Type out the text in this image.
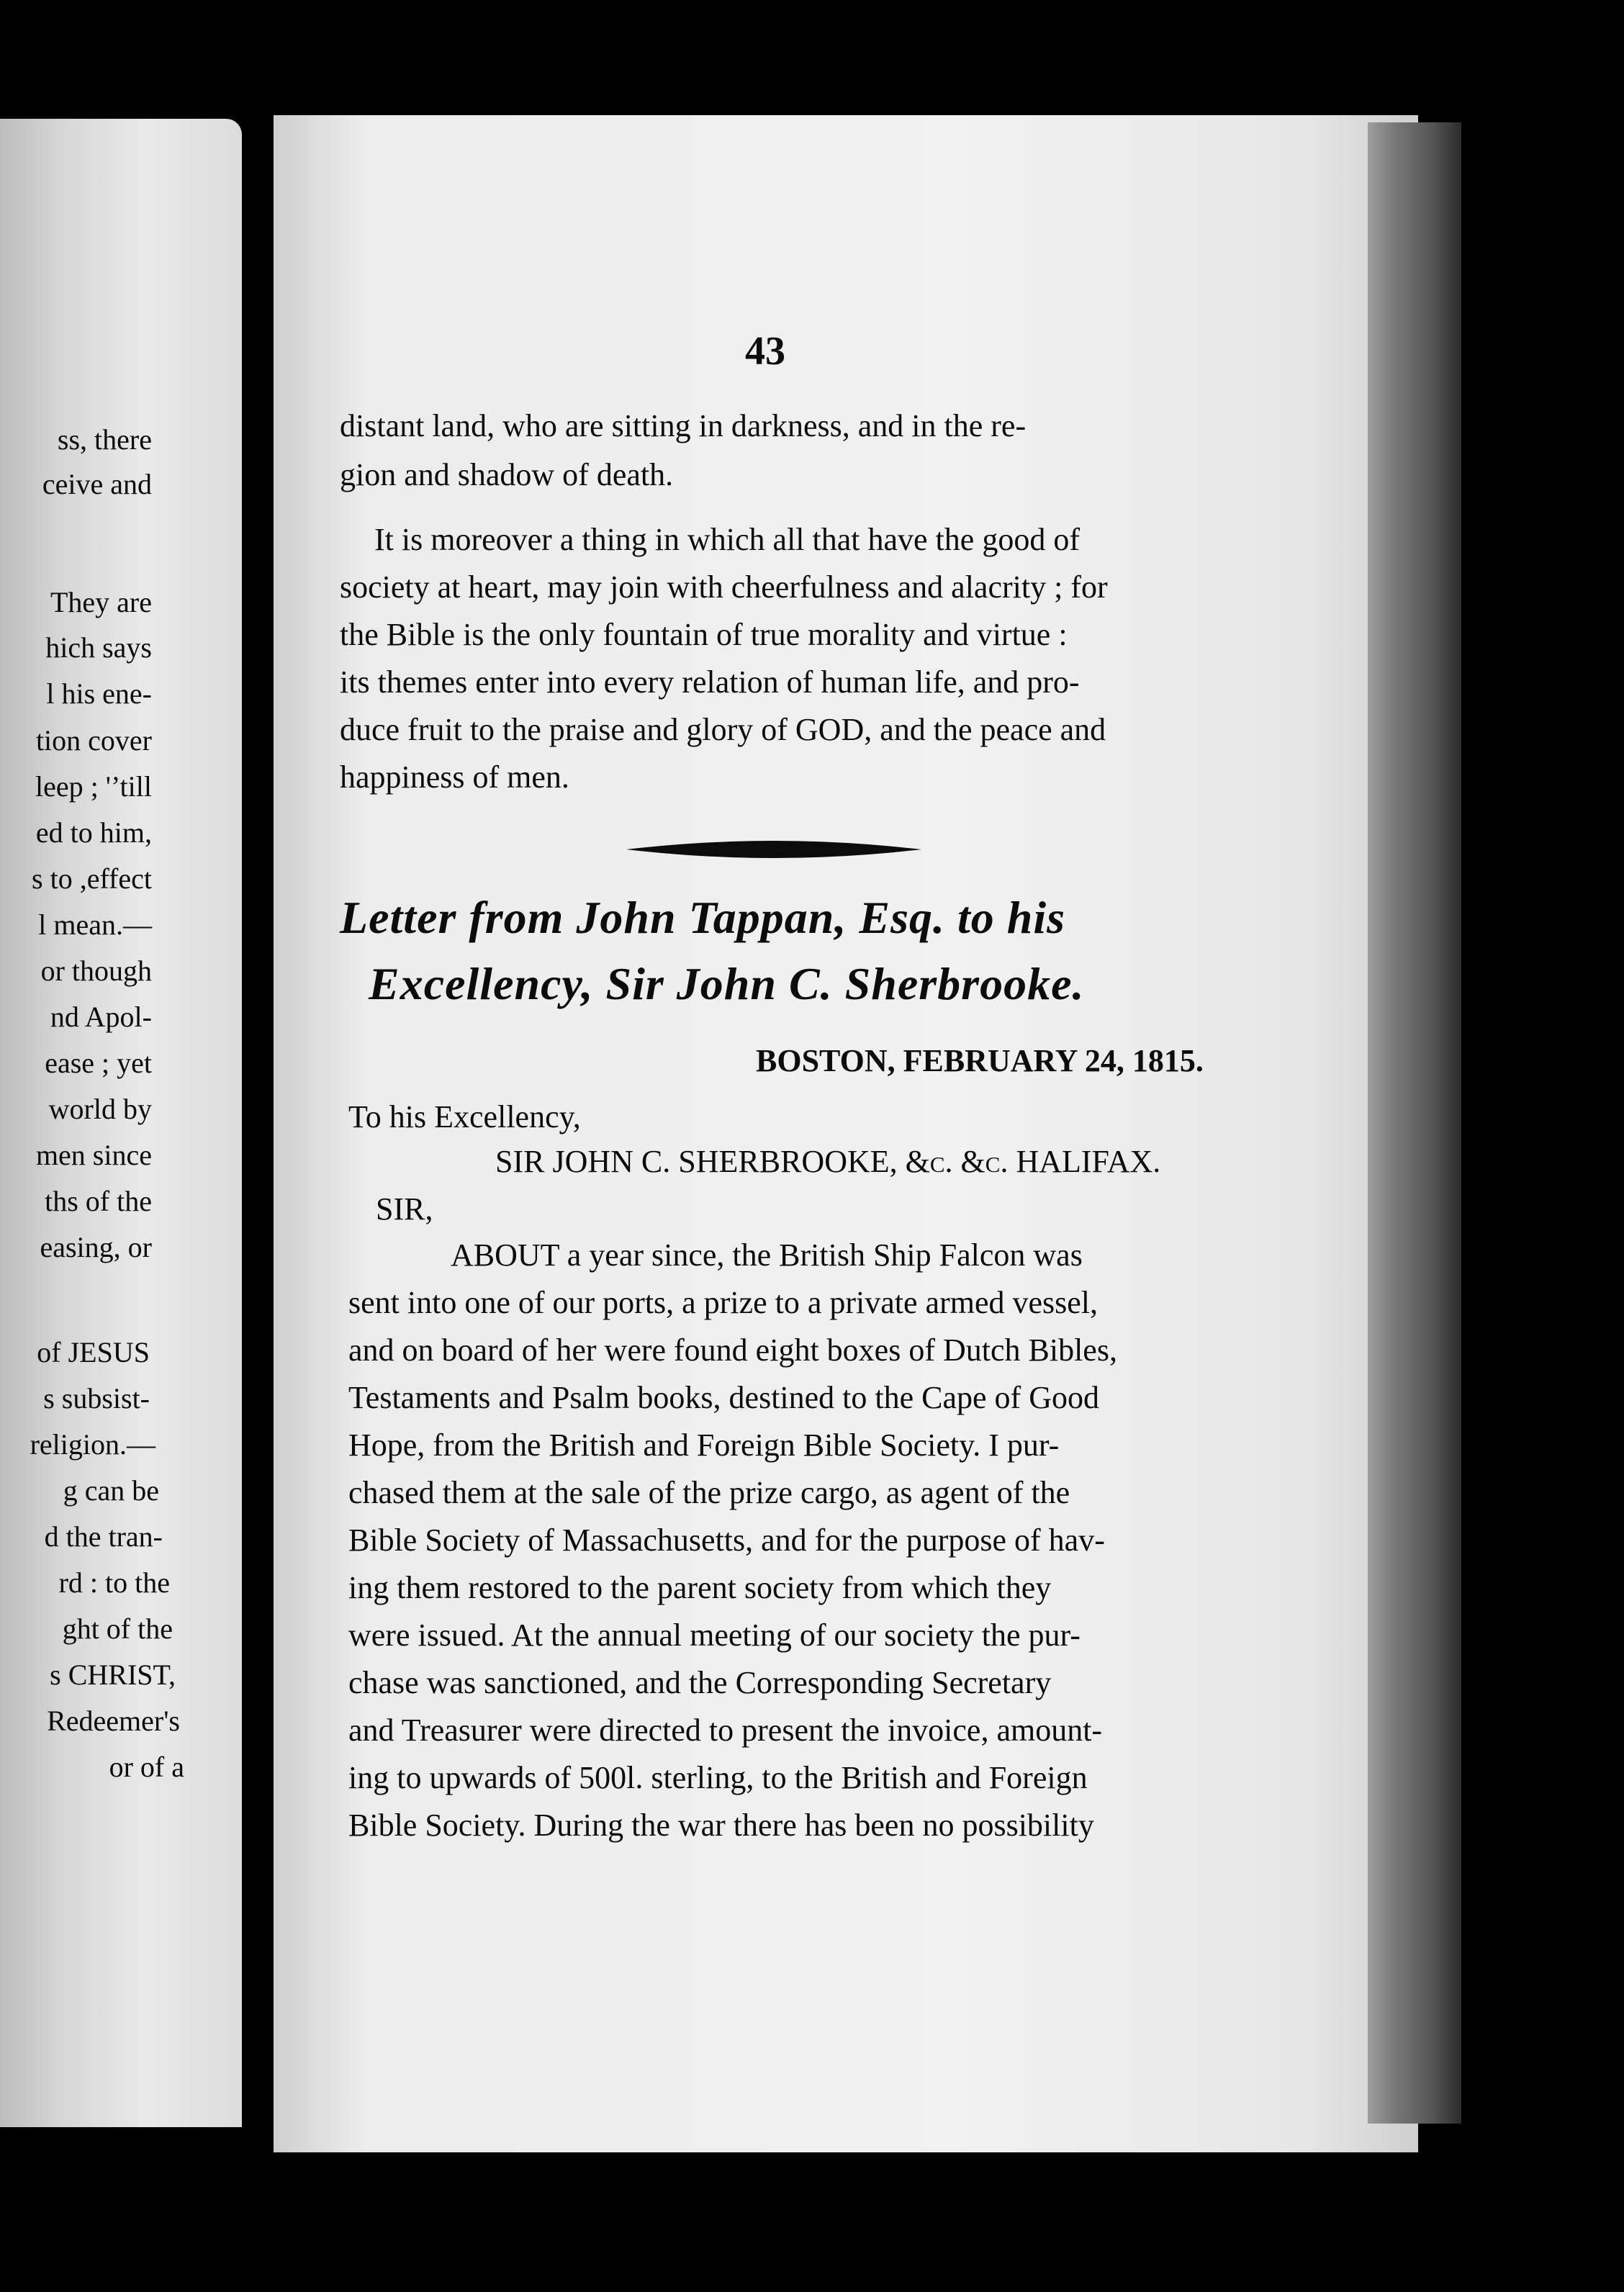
ss, there
ceive and
They are
hich says
l his ene-
tion cover
leep ; '’till
ed to him,
s to ,effect
l mean.—
or though
nd Apol-
ease ; yet
world by
men since
ths of the
easing, or
of JESUS
s subsist-
religion.—
g can be
d the tran-
rd : to the
ght of the
s CHRIST,
Redeemer's
or of a
43
distant land, who are sitting in darkness, and in the re-
gion and shadow of death.
It is moreover a thing in which all that have the good of
society at heart, may join with cheerfulness and alacrity ; for
the Bible is the only fountain of true morality and virtue :
its themes enter into every relation of human life, and pro-
duce fruit to the praise and glory of GOD, and the peace and
happiness of men.
Letter from John Tappan, Esq. to his
Excellency, Sir John C. Sherbrooke.
BOSTON, FEBRUARY 24, 1815.
To his Excellency,
SIR JOHN C. SHERBROOKE, &c. &c. HALIFAX.
SIR,
ABOUT a year since, the British Ship Falcon was
sent into one of our ports, a prize to a private armed vessel,
and on board of her were found eight boxes of Dutch Bibles,
Testaments and Psalm books, destined to the Cape of Good
Hope, from the British and Foreign Bible Society. I pur-
chased them at the sale of the prize cargo, as agent of the
Bible Society of Massachusetts, and for the purpose of hav-
ing them restored to the parent society from which they
were issued. At the annual meeting of our society the pur-
chase was sanctioned, and the Corresponding Secretary
and Treasurer were directed to present the invoice, amount-
ing to upwards of 500l. sterling, to the British and Foreign
Bible Society. During the war there has been no possibility
